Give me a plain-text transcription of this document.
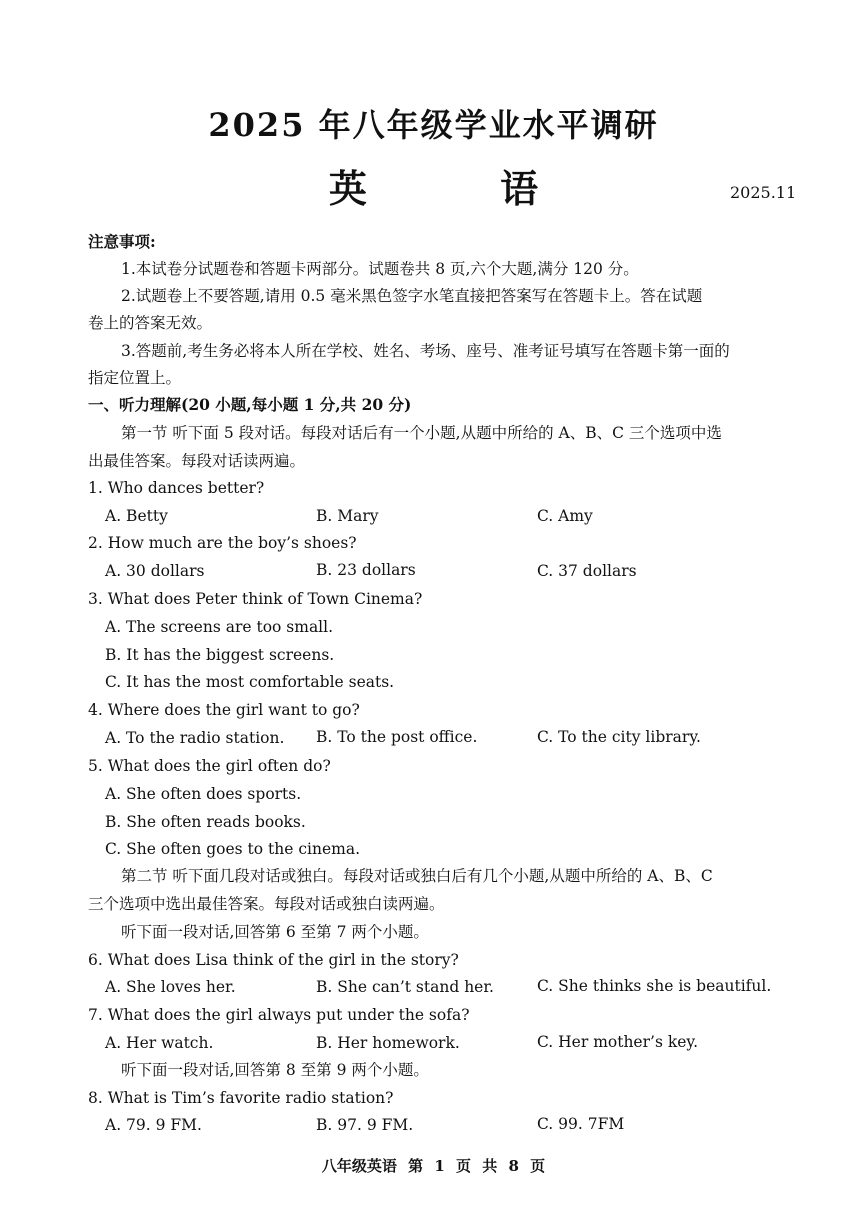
2025 年八年级学业水平调研
英 语	2025.11
注意事项:
1.本试卷分试题卷和答题卡两部分。试题卷共 8 页,六个大题,满分 120 分。
2.试题卷上不要答题,请用 0.5 毫米黑色签字水笔直接把答案写在答题卡上。答在试题
卷上的答案无效。
3.答题前,考生务必将本人所在学校、姓名、考场、座号、准考证号填写在答题卡第一面的
指定位置上。
一、听力理解(20 小题,每小题 1 分,共 20 分)
第一节 听下面 5 段对话。每段对话后有一个小题,从题中所给的 A、B、C 三个选项中选
出最佳答案。每段对话读两遍。
1. Who dances better?
A. Betty	B. Mary	C. Amy
2. How much are the boy’s shoes?
A. 30 dollars	B. 23 dollars	C. 37 dollars
3. What does Peter think of Town Cinema?
A. The screens are too small.
B. It has the biggest screens.
C. It has the most comfortable seats.
4. Where does the girl want to go?
A. To the radio station. B. To the post office.	C. To the city library.
5. What does the girl often do?
A. She often does sports.
B. She often reads books.
C. She often goes to the cinema.
第二节 听下面几段对话或独白。每段对话或独白后有几个小题,从题中所给的 A、B、C
三个选项中选出最佳答案。每段对话或独白读两遍。
听下面一段对话,回答第 6 至第 7 两个小题。
6. What does Lisa think of the girl in the story?
A. She loves her.	B. She can’t stand her.	C. She thinks she is beautiful.
7. What does the girl always put under the sofa?
A. Her watch.	B. Her homework.	C. Her mother’s key.
听下面一段对话,回答第 8 至第 9 两个小题。
8. What is Tim’s favorite radio station?
A. 79. 9 FM.	B. 97. 9 FM.	C. 99. 7FM
八年级英语 第 1 页 共 8 页
